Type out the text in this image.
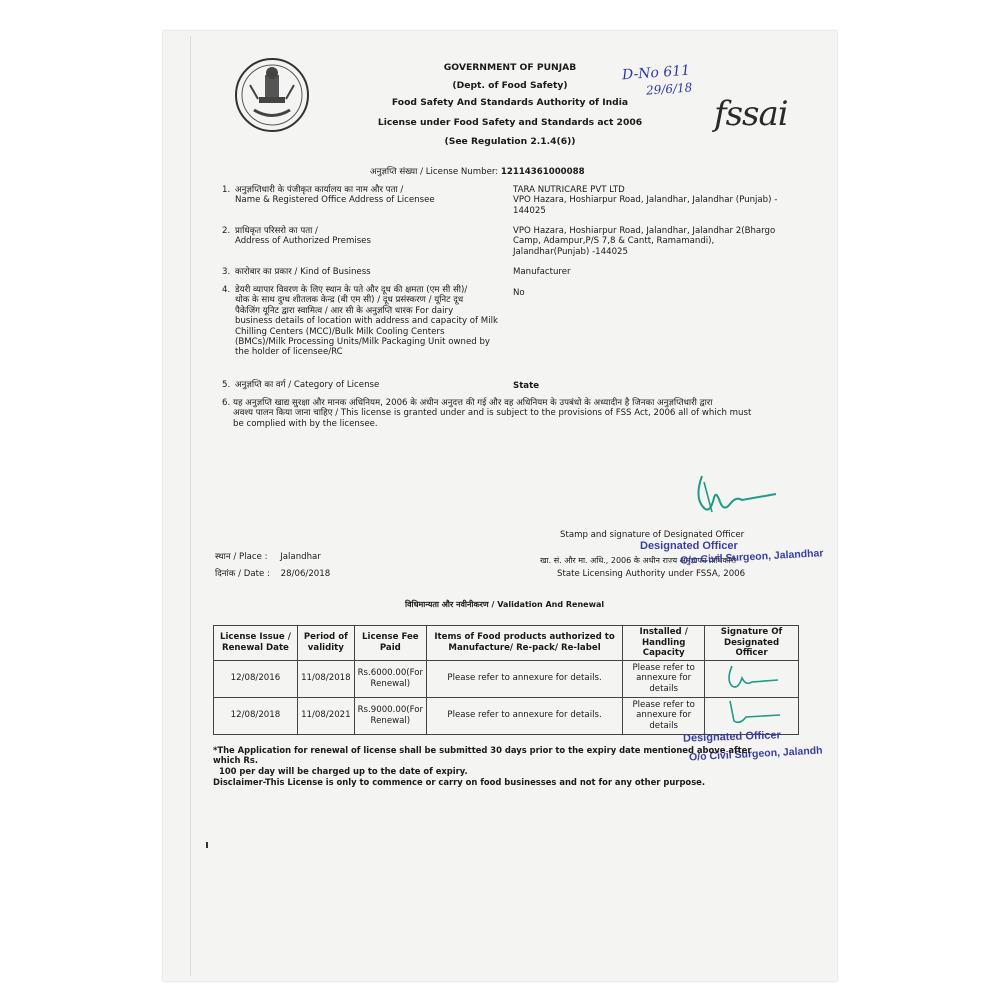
GOVERNMENT OF PUNJAB
(Dept. of Food Safety)
Food Safety And Standards Authority of India
License under Food Safety and Standards act 2006
(See Regulation 2.1.4(6))
अनुज्ञप्ति संख्या / License Number: 12114361000088
D-No 611
29/6/18
fssai
1. अनुज्ञप्तिधारी के पंजीकृत कार्यालय का नाम और पता /
Name & Registered Office Address of Licensee
TARA NUTRICARE PVT LTD
VPO Hazara, Hoshiarpur Road, Jalandhar, Jalandhar (Punjab) -
144025
2. प्राधिकृत परिसरो का पता /
Address of Authorized Premises
VPO Hazara, Hoshiarpur Road, Jalandhar, Jalandhar 2(Bhargo
Camp, Adampur,P/S 7,8 & Cantt, Ramamandi),
Jalandhar(Punjab) -144025
3. कारोबार का प्रकार / Kind of Business	Manufacturer
4. डेयरी व्यापार विवरण के लिए स्थान के पते और दूध की क्षमता (एम सी सी)/
थोक के साथ दुग्ध शीतलक केन्द्र (बी एम सी) / दूध प्रसंस्करण / यूनिट दूध
पैकेजिंग यूनिट द्वारा स्वामित्व / आर सी के अनुज्ञप्ति धारक For dairy
business details of location with address and capacity of Milk
Chilling Centers (MCC)/Bulk Milk Cooling Centers
(BMCs)/Milk Processing Units/Milk Packaging Unit owned by
the holder of licensee/RC
No
5. अनुज्ञप्ति का वर्ग / Category of License	State
6. यह अनुज्ञप्ति खाद्य सुरक्षा और मानक अधिनियम, 2006 के अधीन अनुदत्त की गई और वह अधिनियम के उपबंधो के अध्यादीन है जिनका अनुज्ञप्तिधारी द्वारा
अवश्य पालन किया जाना चाहिए / This license is granted under and is subject to the provisions of FSS Act, 2006 all of which must
be complied with by the licensee.
Stamp and signature of Designated Officer
Designated Officer
खा. सं. और मा. अधि., 2006 के अधीन राज्य अनुज्ञापन प्राधिकारी
O/o Civil Surgeon, Jalandhar
State Licensing Authority under FSSA, 2006
स्थान / Place : Jalandhar
दिनांक / Date : 28/06/2018
विधिमान्यता और नवीनीकरण / Validation And Renewal
License Issue / Renewal Date	Period of validity	License Fee Paid	Items of Food products authorized to Manufacture/ Re-pack/ Re-label	Installed / Handling Capacity	Signature Of Designated Officer
12/08/2016	11/08/2018	Rs.6000.00(For Renewal)	Please refer to annexure for details.	Please refer to annexure for details	
12/08/2018	11/08/2021	Rs.9000.00(For Renewal)	Please refer to annexure for details.	Please refer to annexure for details	
Designated Officer
O/o Civil Surgeon, Jalandh
*The Application for renewal of license shall be submitted 30 days prior to the expiry date mentioned above after
which Rs.
100 per day will be charged up to the date of expiry.
Disclaimer-This License is only to commence or carry on food businesses and not for any other purpose.
